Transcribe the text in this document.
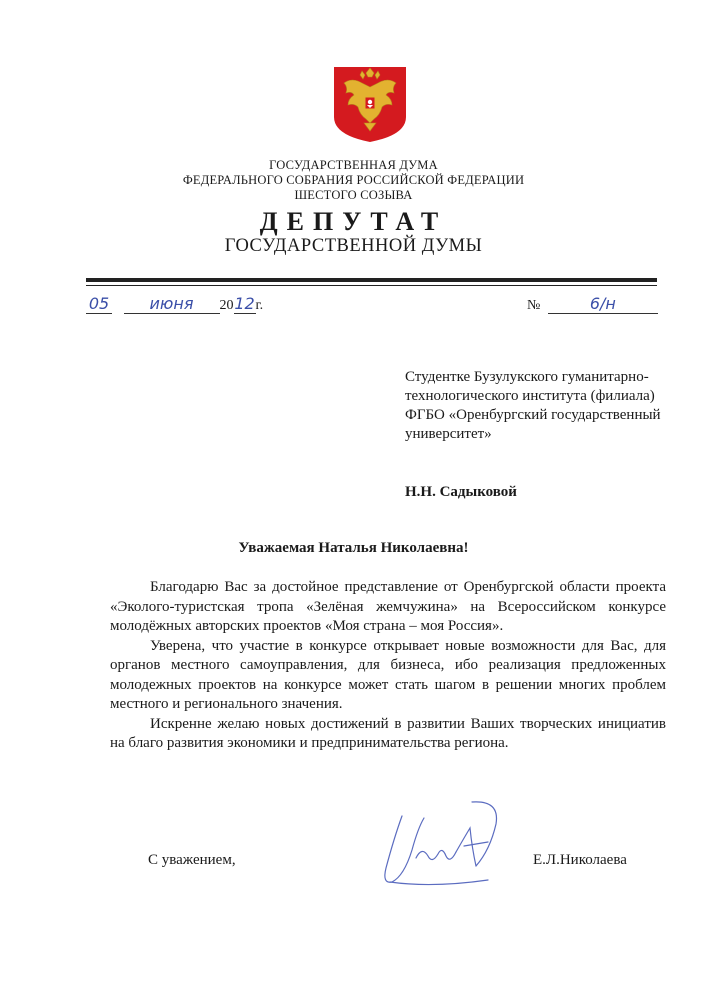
ГОСУДАРСТВЕННАЯ ДУМА
ФЕДЕРАЛЬНОГО СОБРАНИЯ РОССИЙСКОЙ ФЕДЕРАЦИИ
ШЕСТОГО СОЗЫВА
ДЕПУТАТ
ГОСУДАРСТВЕННОЙ ДУМЫ
05	июня 2012г.	№	6/н
Студентке Бузулукского гуманитарно-технологического института (филиала) ФГБО «Оренбургский государственный университет»
Н.Н. Садыковой
Уважаемая Наталья Николаевна!

Благодарю Вас за достойное представление от Оренбургской области проекта «Эколого-туристская тропа «Зелёная жемчужина» на Всероссийском конкурсе молодёжных авторских проектов «Моя страна – моя Россия».

Уверена, что участие в конкурсе открывает новые возможности для Вас, для органов местного самоуправления, для бизнеса, ибо реализация предложенных молодежных проектов на конкурсе может стать шагом в решении многих проблем местного и регионального значения.

Искренне желаю новых достижений в развитии Ваших творческих инициатив на благо развития экономики и предпринимательства региона.

С уважением,	Е.Л.Николаева
